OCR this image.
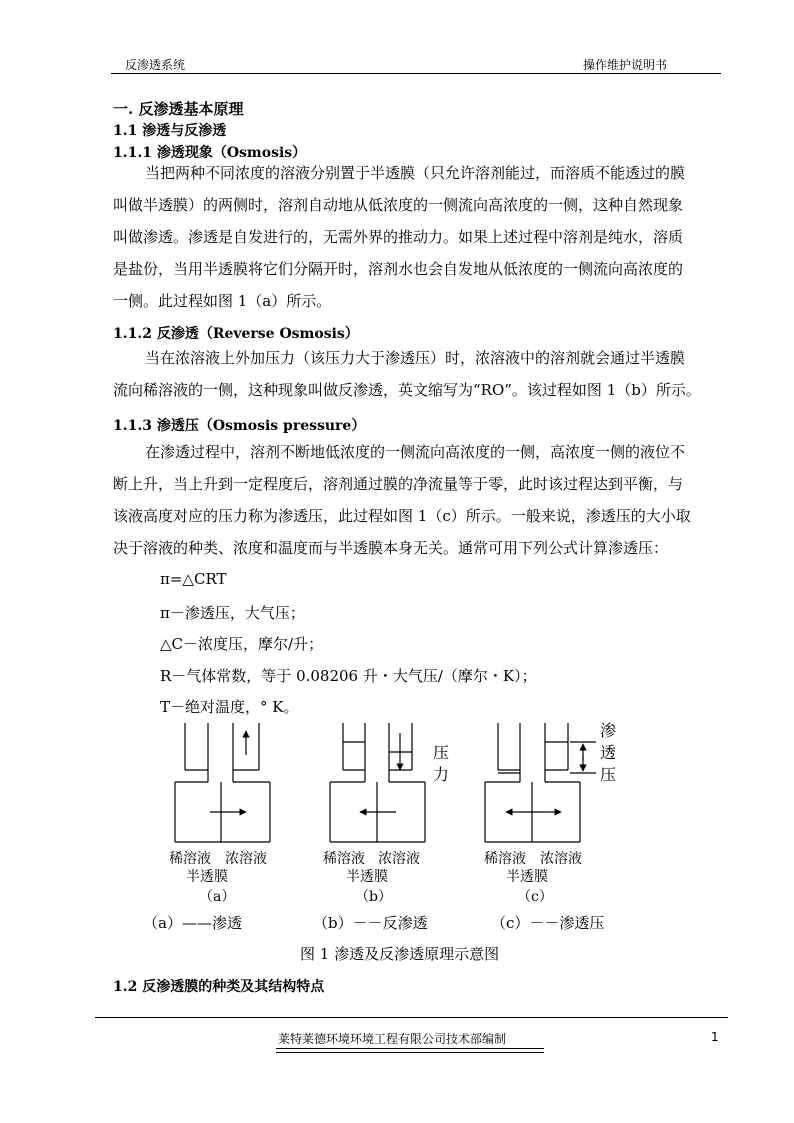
反渗透系统	操作维护说明书
一. 反渗透基本原理
1.1 渗透与反渗透
1.1.1 渗透现象（Osmosis）
当把两种不同浓度的溶液分别置于半透膜（只允许溶剂能过，而溶质不能透过的膜
叫做半透膜）的两侧时，溶剂自动地从低浓度的一侧流向高浓度的一侧，这种自然现象
叫做渗透。渗透是自发进行的，无需外界的推动力。如果上述过程中溶剂是纯水，溶质
是盐份，当用半透膜将它们分隔开时，溶剂水也会自发地从低浓度的一侧流向高浓度的
一侧。此过程如图 1（a）所示。
1.1.2 反渗透（Reverse Osmosis）
当在浓溶液上外加压力（该压力大于渗透压）时，浓溶液中的溶剂就会通过半透膜
流向稀溶液的一侧，这种现象叫做反渗透，英文缩写为“RO”。该过程如图 1（b）所示。
1.1.3 渗透压（Osmosis pressure）
在渗透过程中，溶剂不断地低浓度的一侧流向高浓度的一侧，高浓度一侧的液位不
断上升，当上升到一定程度后，溶剂通过膜的净流量等于零，此时该过程达到平衡，与
该液高度对应的压力称为渗透压，此过程如图 1（c）所示。一般来说，渗透压的大小取
决于溶液的种类、浓度和温度而与半透膜本身无关。通常可用下列公式计算渗透压：
π=△CRT
π－渗透压，大气压；
△C－浓度压，摩尔/升；
R－气体常数，等于 0.08206 升・大气压/（摩尔・K）；
T－绝对温度，° K。
稀溶液 浓溶液
半透膜
（a）
稀溶液 浓溶液
半透膜
（b）
压
力
稀溶液 浓溶液
半透膜
（c）
渗
透
压
（a）——渗透	（b）－－反渗透	（c）－－渗透压
图 1 渗透及反渗透原理示意图
1.2 反渗透膜的种类及其结构特点
莱特莱德环境环境工程有限公司技术部编制	1
